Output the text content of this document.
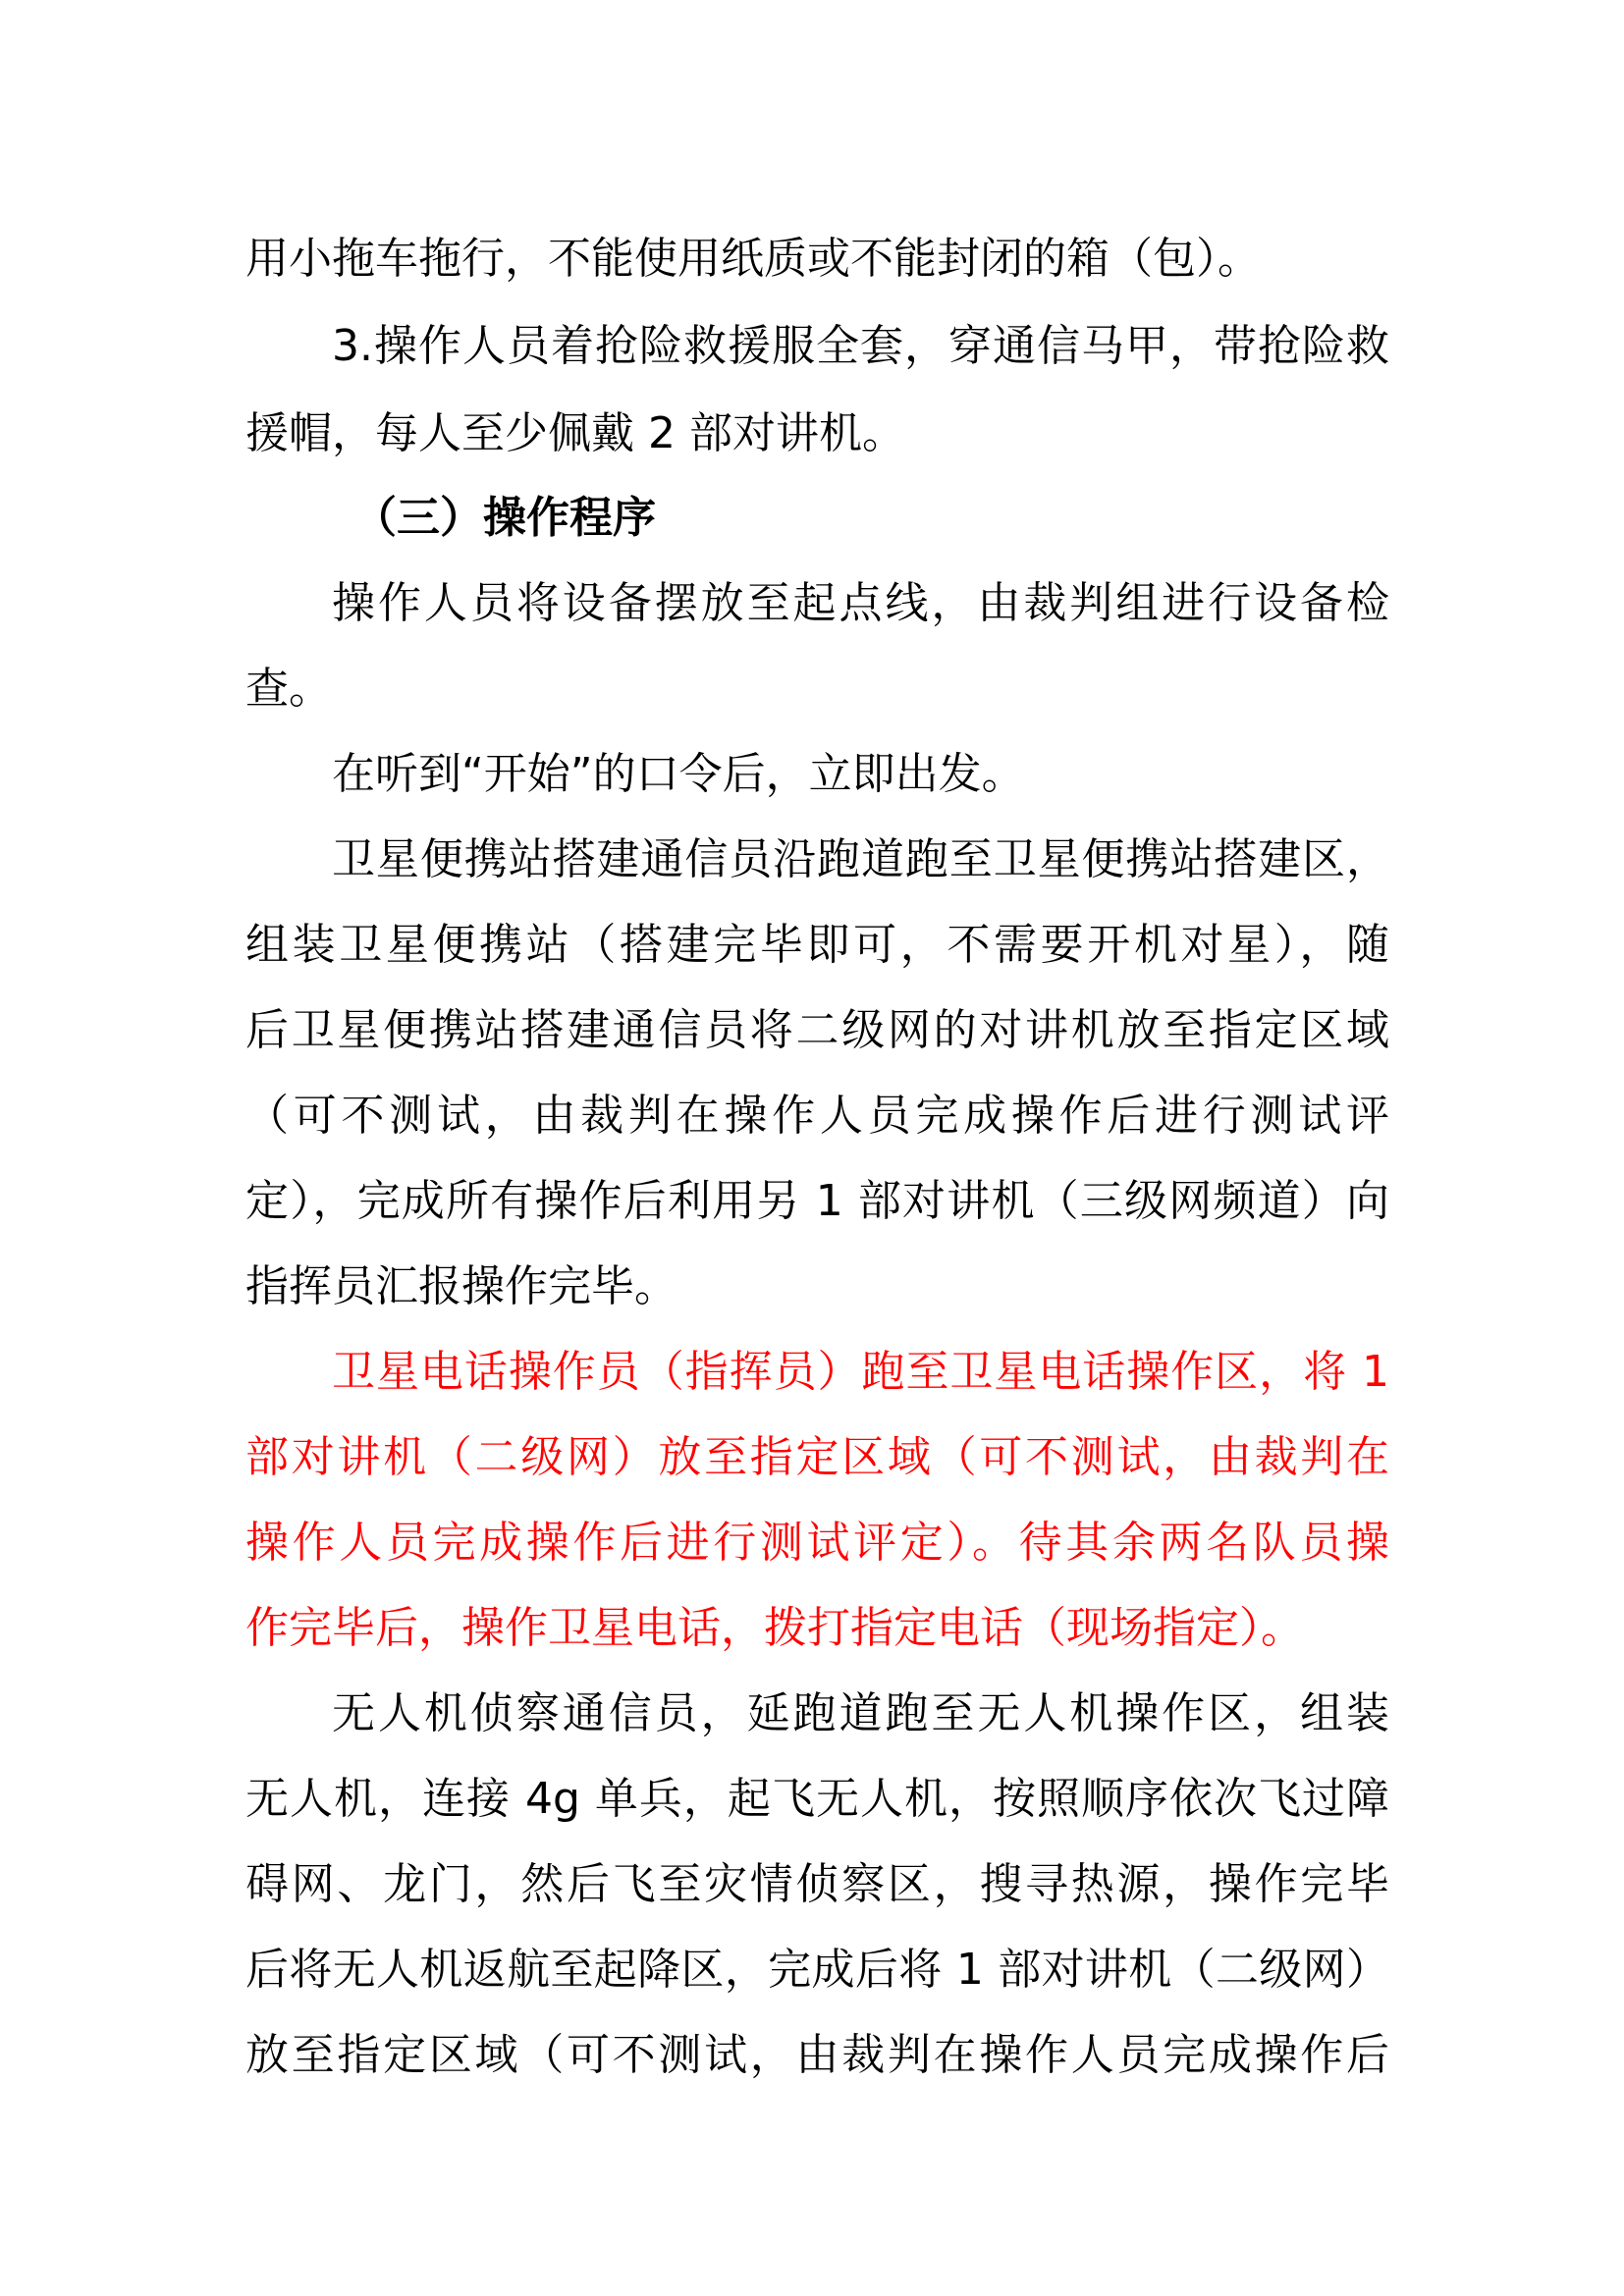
用小拖车拖行，不能使用纸质或不能封闭的箱（包）。
3.操作人员着抢险救援服全套，穿通信马甲，带抢险救
援帽，每人至少佩戴 2 部对讲机。
（三）操作程序
操作人员将设备摆放至起点线，由裁判组进行设备检
查。
在听到“开始”的口令后，立即出发。
卫星便携站搭建通信员沿跑道跑至卫星便携站搭建区，
组装卫星便携站（搭建完毕即可，不需要开机对星），随
后卫星便携站搭建通信员将二级网的对讲机放至指定区域
（可不测试，由裁判在操作人员完成操作后进行测试评
定），完成所有操作后利用另 1 部对讲机（三级网频道）向
指挥员汇报操作完毕。
卫星电话操作员（指挥员）跑至卫星电话操作区，将 1
部对讲机（二级网）放至指定区域（可不测试，由裁判在
操作人员完成操作后进行测试评定）。待其余两名队员操
作完毕后，操作卫星电话，拨打指定电话（现场指定）。
无人机侦察通信员，延跑道跑至无人机操作区，组装
无人机，连接 4g 单兵，起飞无人机，按照顺序依次飞过障
碍网、龙门，然后飞至灾情侦察区，搜寻热源，操作完毕
后将无人机返航至起降区，完成后将 1 部对讲机（二级网）
放至指定区域（可不测试，由裁判在操作人员完成操作后
